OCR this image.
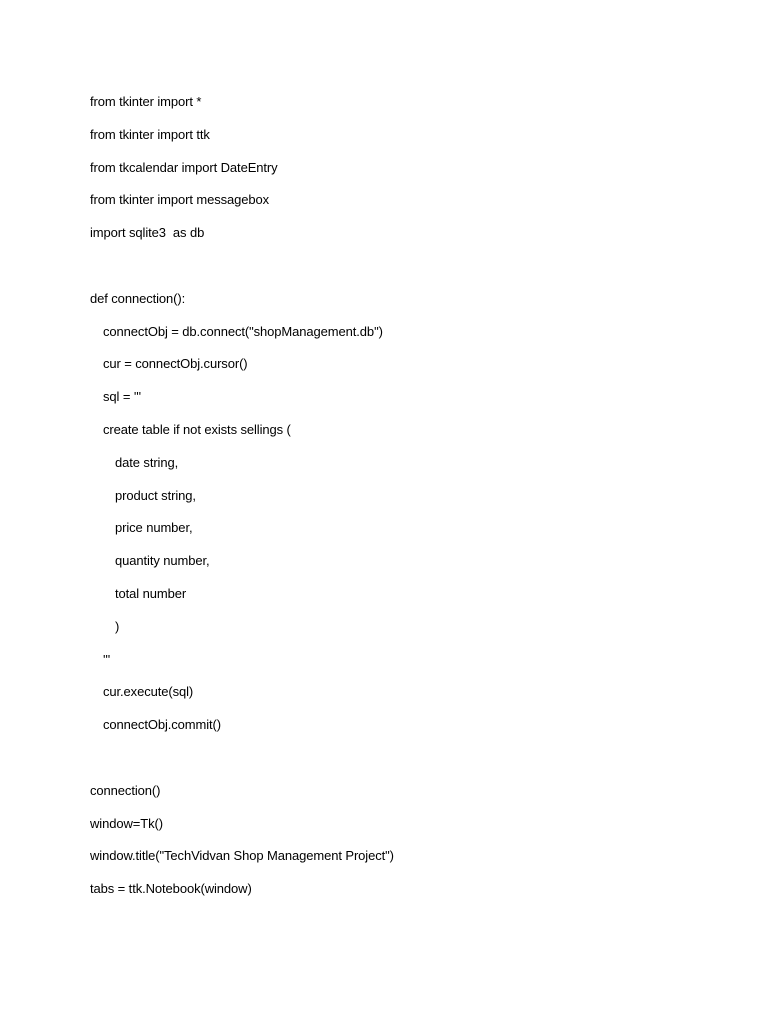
from tkinter import *
from tkinter import ttk
from tkcalendar import DateEntry
from tkinter import messagebox
import sqlite3  as db
def connection():
connectObj = db.connect("shopManagement.db")
cur = connectObj.cursor()
sql = '''
create table if not exists sellings (
date string,
product string,
price number,
quantity number,
total number
)
'''
cur.execute(sql)
connectObj.commit()
connection()
window=Tk()
window.title("TechVidvan Shop Management Project")
tabs = ttk.Notebook(window)
